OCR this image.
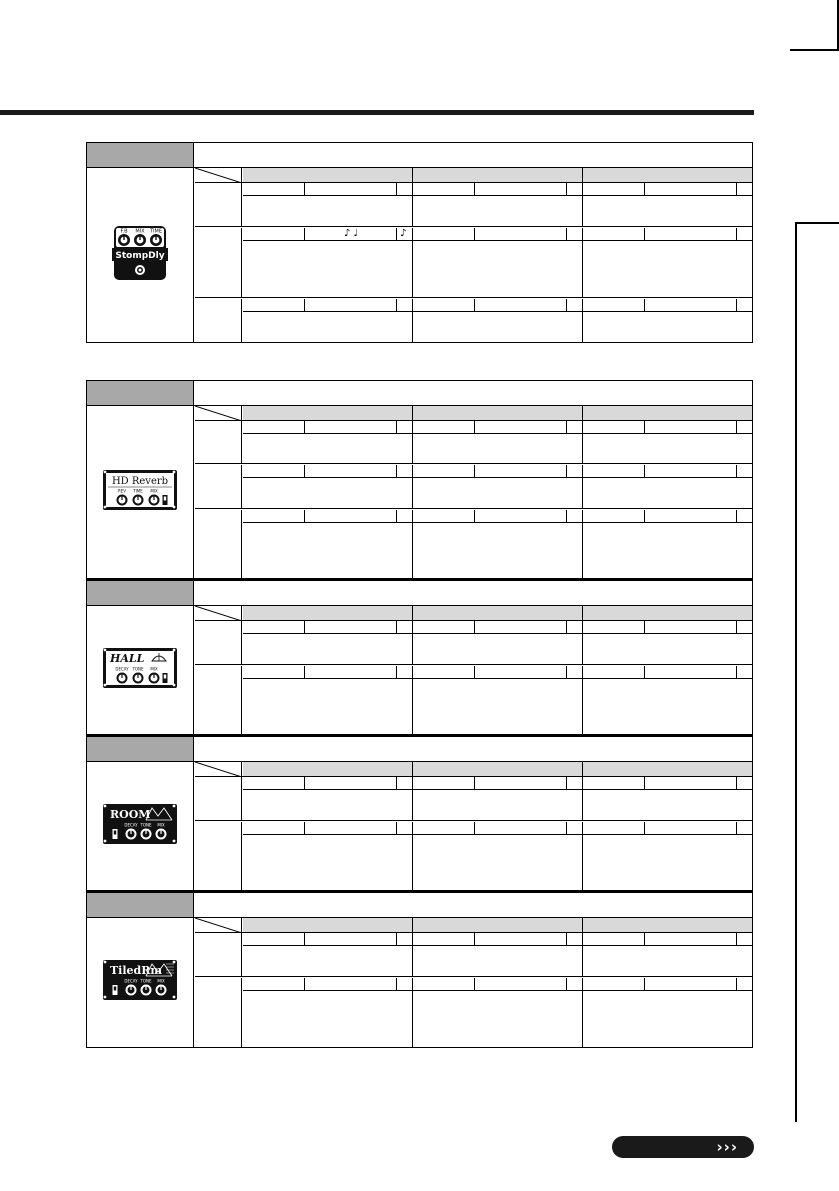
F.B MIX TIME
StompDly
♪ ♩	♪
HD Reverb
REV TIME MIX
HALL
DECAY TONE MIX
ROOM
DECAY TONE MIX
TiledRm
DECAY TONE MIX
›››
